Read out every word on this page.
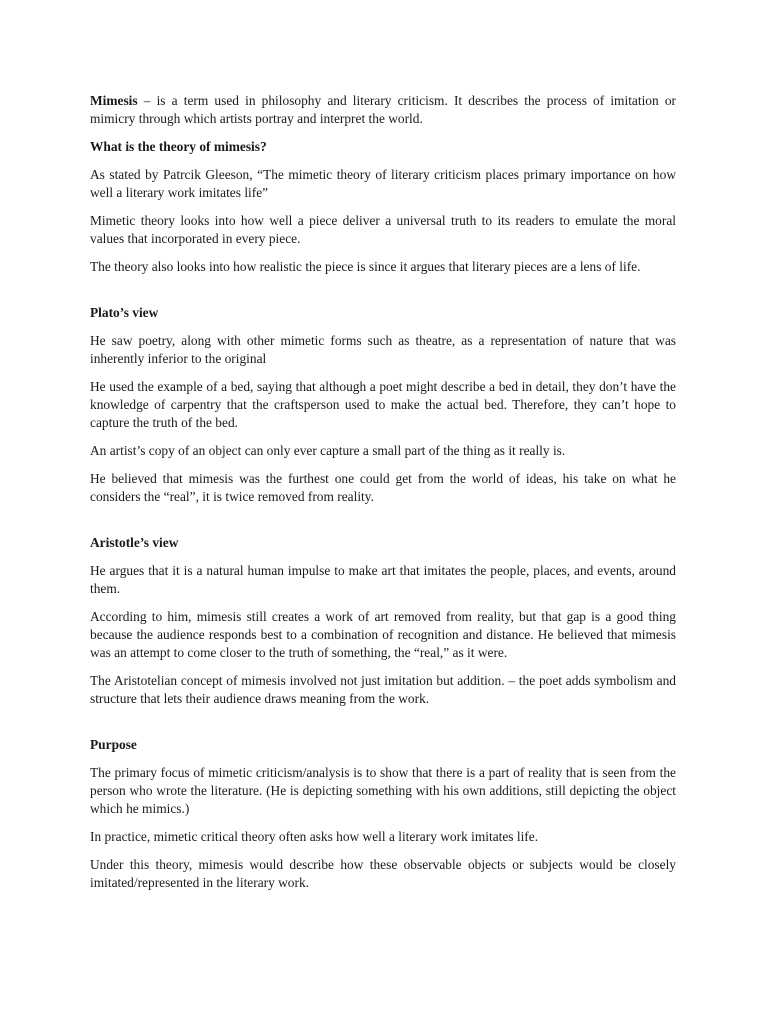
Mimesis – is a term used in philosophy and literary criticism. It describes the process of imitation or mimicry through which artists portray and interpret the world.

What is the theory of mimesis?

As stated by Patrcik Gleeson, “The mimetic theory of literary criticism places primary importance on how well a literary work imitates life”

Mimetic theory looks into how well a piece deliver a universal truth to its readers to emulate the moral values that incorporated in every piece.

The theory also looks into how realistic the piece is since it argues that literary pieces are a lens of life.

Plato’s view

He saw poetry, along with other mimetic forms such as theatre, as a representation of nature that was inherently inferior to the original

He used the example of a bed, saying that although a poet might describe a bed in detail, they don’t have the knowledge of carpentry that the craftsperson used to make the actual bed. Therefore, they can’t hope to capture the truth of the bed.

An artist’s copy of an object can only ever capture a small part of the thing as it really is.

He believed that mimesis was the furthest one could get from the world of ideas, his take on what he considers the “real”, it is twice removed from reality.

Aristotle’s view

He argues that it is a natural human impulse to make art that imitates the people, places, and events, around them.

According to him, mimesis still creates a work of art removed from reality, but that gap is a good thing because the audience responds best to a combination of recognition and distance. He believed that mimesis was an attempt to come closer to the truth of something, the “real,” as it were.

The Aristotelian concept of mimesis involved not just imitation but addition. – the poet adds symbolism and structure that lets their audience draws meaning from the work.

Purpose

The primary focus of mimetic criticism/analysis is to show that there is a part of reality that is seen from the person who wrote the literature. (He is depicting something with his own additions, still depicting the object which he mimics.)

In practice, mimetic critical theory often asks how well a literary work imitates life.

Under this theory, mimesis would describe how these observable objects or subjects would be closely imitated/represented in the literary work.
